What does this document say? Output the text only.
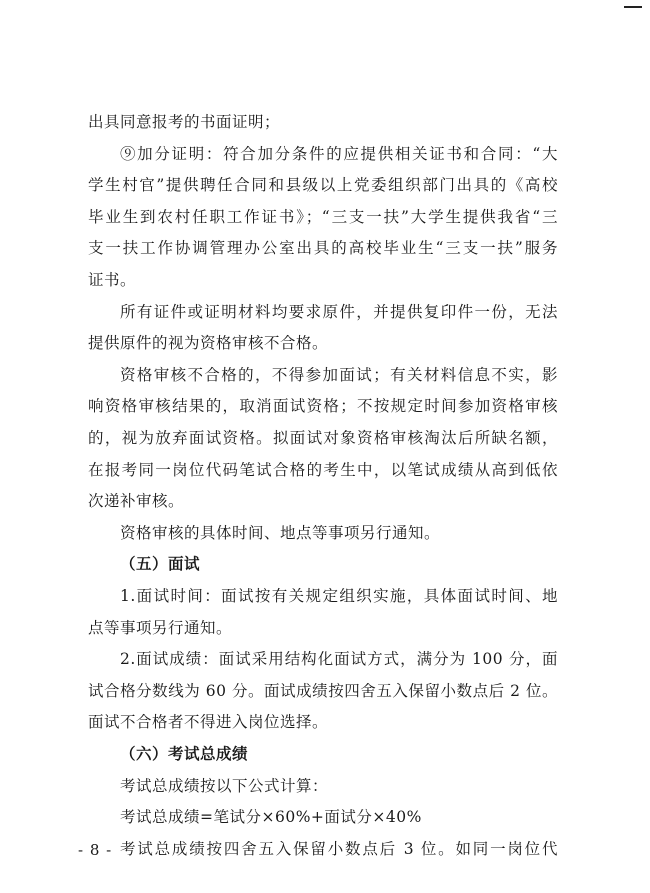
出具同意报考的书面证明；
⑨加分证明：符合加分条件的应提供相关证书和合同：“大
学生村官”提供聘任合同和县级以上党委组织部门出具的《高校
毕业生到农村任职工作证书》；“三支一扶”大学生提供我省“三
支一扶工作协调管理办公室出具的高校毕业生“三支一扶”服务
证书。
所有证件或证明材料均要求原件，并提供复印件一份，无法
提供原件的视为资格审核不合格。
资格审核不合格的，不得参加面试；有关材料信息不实，影
响资格审核结果的，取消面试资格；不按规定时间参加资格审核
的，视为放弃面试资格。拟面试对象资格审核淘汰后所缺名额，
在报考同一岗位代码笔试合格的考生中，以笔试成绩从高到低依
次递补审核。
资格审核的具体时间、地点等事项另行通知。
（五）面试
1.面试时间：面试按有关规定组织实施，具体面试时间、地
点等事项另行通知。
2.面试成绩：面试采用结构化面试方式，满分为 100 分，面
试合格分数线为 60 分。面试成绩按四舍五入保留小数点后 2 位。
面试不合格者不得进入岗位选择。
（六）考试总成绩
- 8 -
考试总成绩按以下公式计算：
考试总成绩=笔试分×60%+面试分×40%
考试总成绩按四舍五入保留小数点后 3 位。如同一岗位代
